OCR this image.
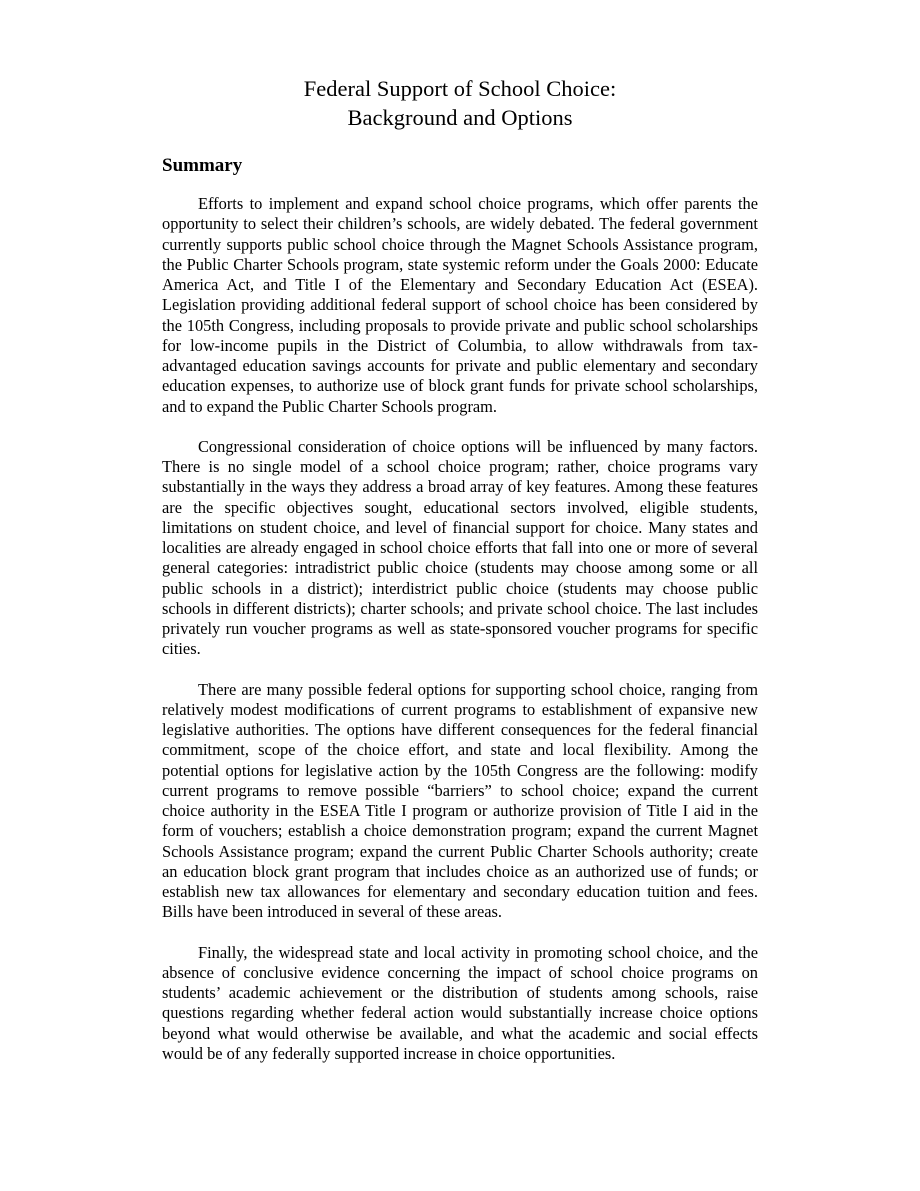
Federal Support of School Choice:
Background and Options
Summary

Efforts to implement and expand school choice programs, which offer parents the opportunity to select their children’s schools, are widely debated. The federal government currently supports public school choice through the Magnet Schools Assistance program, the Public Charter Schools program, state systemic reform under the Goals 2000: Educate America Act, and Title I of the Elementary and Secondary Education Act (ESEA). Legislation providing additional federal support of school choice has been considered by the 105th Congress, including proposals to provide private and public school scholarships for low-income pupils in the District of Columbia, to allow withdrawals from tax-advantaged education savings accounts for private and public elementary and secondary education expenses, to authorize use of block grant funds for private school scholarships, and to expand the Public Charter Schools program.

Congressional consideration of choice options will be influenced by many factors. There is no single model of a school choice program; rather, choice programs vary substantially in the ways they address a broad array of key features. Among these features are the specific objectives sought, educational sectors involved, eligible students, limitations on student choice, and level of financial support for choice. Many states and localities are already engaged in school choice efforts that fall into one or more of several general categories: intradistrict public choice (students may choose among some or all public schools in a district); interdistrict public choice (students may choose public schools in different districts); charter schools; and private school choice. The last includes privately run voucher programs as well as state-sponsored voucher programs for specific cities.

There are many possible federal options for supporting school choice, ranging from relatively modest modifications of current programs to establishment of expansive new legislative authorities. The options have different consequences for the federal financial commitment, scope of the choice effort, and state and local flexibility. Among the potential options for legislative action by the 105th Congress are the following: modify current programs to remove possible “barriers” to school choice; expand the current choice authority in the ESEA Title I program or authorize provision of Title I aid in the form of vouchers; establish a choice demonstration program; expand the current Magnet Schools Assistance program; expand the current Public Charter Schools authority; create an education block grant program that includes choice as an authorized use of funds; or establish new tax allowances for elementary and secondary education tuition and fees. Bills have been introduced in several of these areas.

Finally, the widespread state and local activity in promoting school choice, and the absence of conclusive evidence concerning the impact of school choice programs on students’ academic achievement or the distribution of students among schools, raise questions regarding whether federal action would substantially increase choice options beyond what would otherwise be available, and what the academic and social effects would be of any federally supported increase in choice opportunities.
